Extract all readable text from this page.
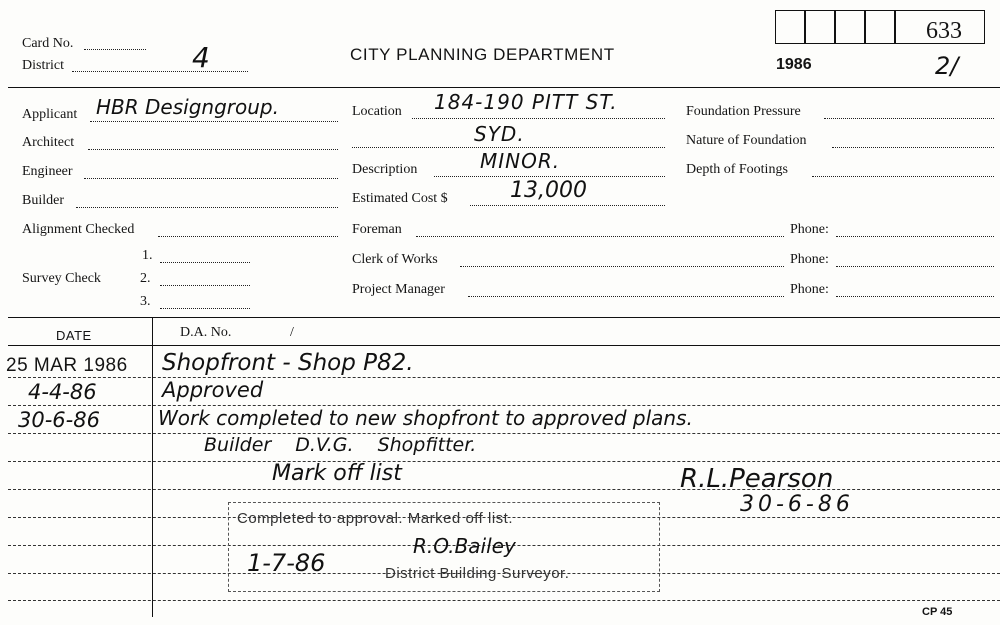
Card No.
District	4	CITY PLANNING DEPARTMENT
1986
633
2/
Applicant HBR Designgroup.
Architect
Engineer
Builder
Alignment Checked
Survey Check
1.
2.
3.
Location 184-190 PITT ST.
SYD.
Description	MINOR.
Estimated Cost $	13,000
Foreman
Clerk of Works
Project Manager
Foundation Pressure
Nature of Foundation
Depth of Footings
Phone:
Phone:
Phone:
DATE	D.A. No.	/
25 MAR 1986 Shopfront - Shop P82.
4-4-86	Approved
30-6-86	Work completed to new shopfront to approved plans.
Builder D.V.G. Shopfitter.
Mark off list	R.L.Pearson
30-6-86
Completed to approval. Marked off list.
1-7-86
R.O.Bailey
District Building Surveyor.
CP 45
